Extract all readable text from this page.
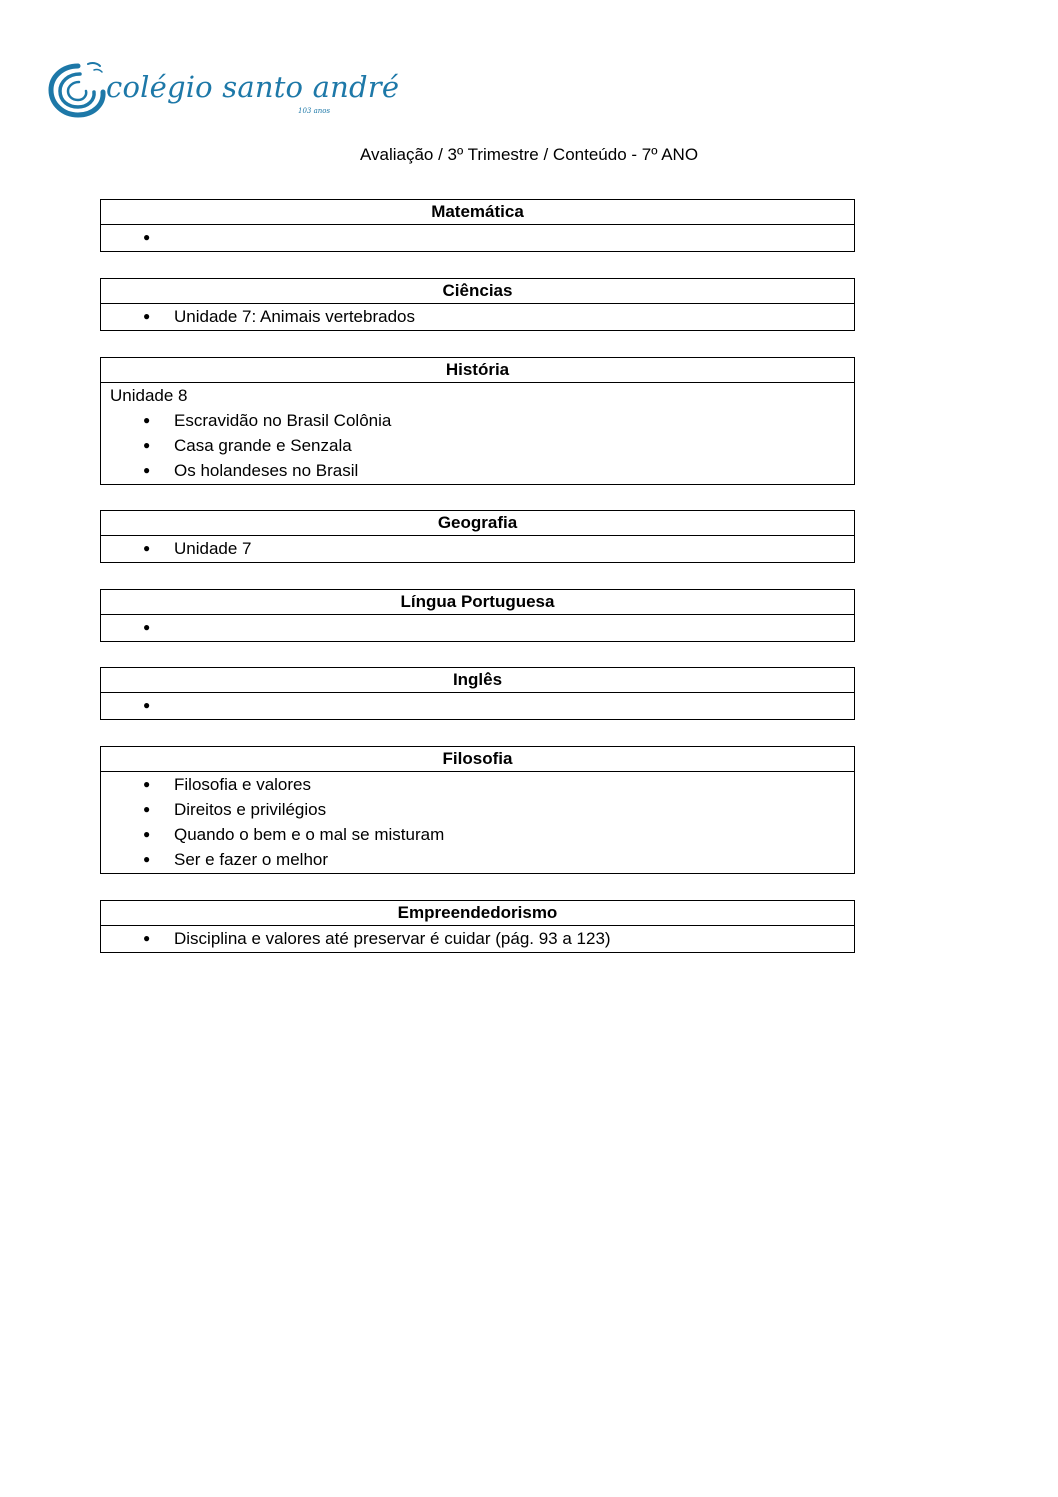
colégio santo andré
103 anos
Avaliação / 3º Trimestre / Conteúdo - 7º ANO
Matemática
●
Ciências
● Unidade 7: Animais vertebrados
História
Unidade 8
● Escravidão no Brasil Colônia
● Casa grande e Senzala
● Os holandeses no Brasil
Geografia
● Unidade 7
Língua Portuguesa
●
Inglês
●
Filosofia
● Filosofia e valores
● Direitos e privilégios
● Quando o bem e o mal se misturam
● Ser e fazer o melhor
Empreendedorismo
● Disciplina e valores até preservar é cuidar (pág. 93 a 123)
